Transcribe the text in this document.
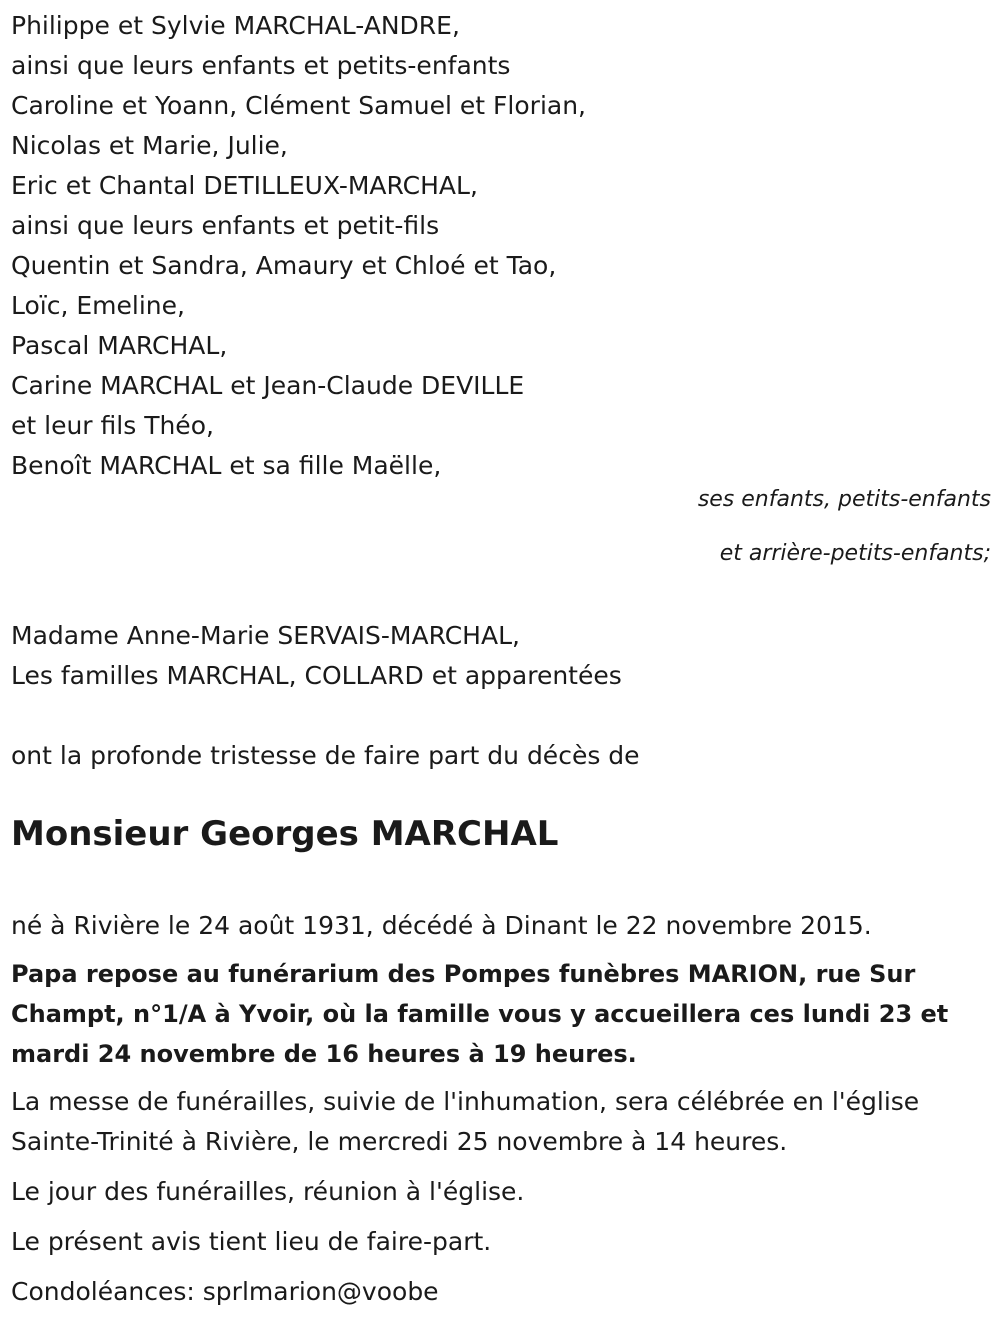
Philippe et Sylvie MARCHAL-ANDRE,
ainsi que leurs enfants et petits-enfants
Caroline et Yoann, Clément Samuel et Florian,
Nicolas et Marie, Julie,
Eric et Chantal DETILLEUX-MARCHAL,
ainsi que leurs enfants et petit-fils
Quentin et Sandra, Amaury et Chloé et Tao,
Loïc, Emeline,
Pascal MARCHAL,
Carine MARCHAL et Jean-Claude DEVILLE
et leur fils Théo,
Benoît MARCHAL et sa fille Maëlle,
ses enfants, petits-enfants
et arrière-petits-enfants;
Madame Anne-Marie SERVAIS-MARCHAL,
Les familles MARCHAL, COLLARD et apparentées
ont la profonde tristesse de faire part du décès de
Monsieur Georges MARCHAL
né à Rivière le 24 août 1931, décédé à Dinant le 22 novembre 2015.
Papa repose au funérarium des Pompes funèbres MARION, rue Sur Champt, n°1/A à Yvoir, où la famille vous y accueillera ces lundi 23 et mardi 24 novembre de 16 heures à 19 heures.
La messe de funérailles, suivie de l'inhumation, sera célébrée en l'église Sainte-Trinité à Rivière, le mercredi 25 novembre à 14 heures.
Le jour des funérailles, réunion à l'église.
Le présent avis tient lieu de faire-part.
Condoléances: sprlmarion@voobe
